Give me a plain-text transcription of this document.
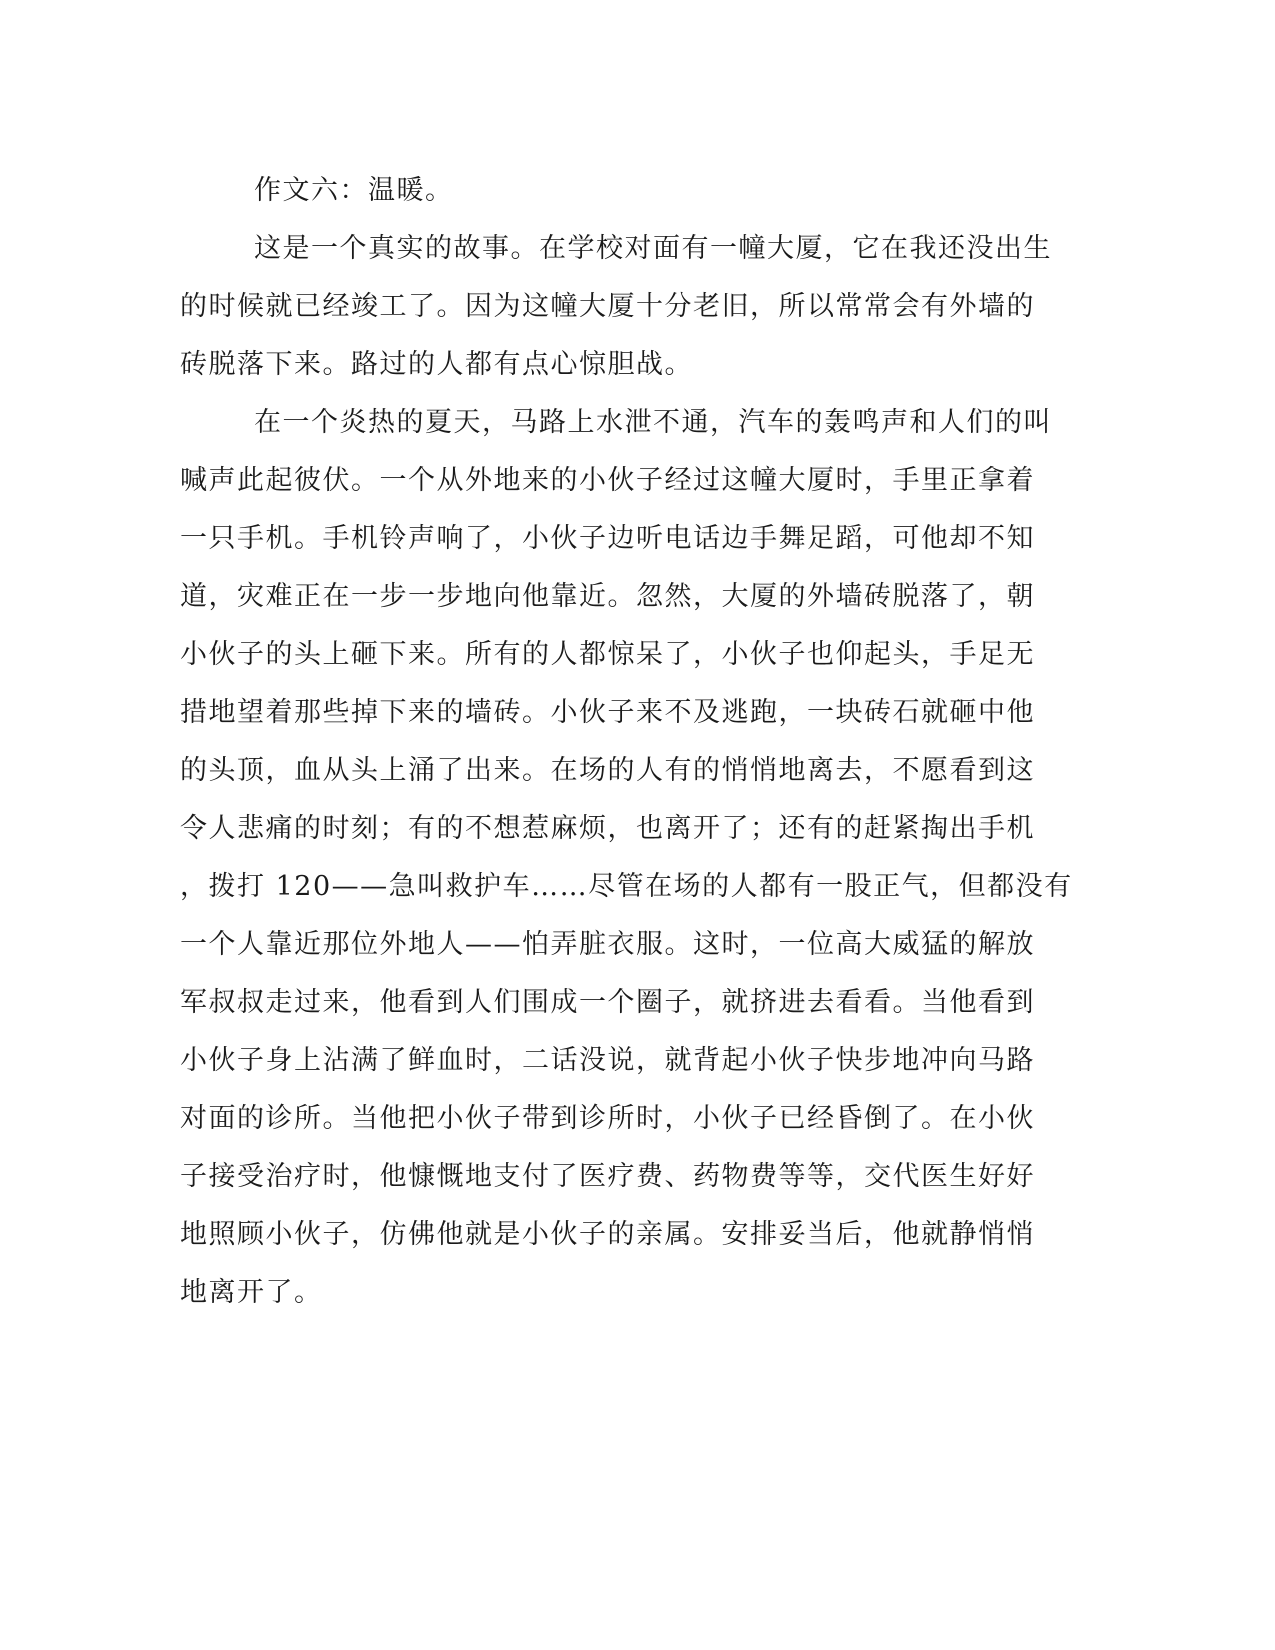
作文六：温暖。
这是一个真实的故事。在学校对面有一幢大厦，它在我还没出生
的时候就已经竣工了。因为这幢大厦十分老旧，所以常常会有外墙的
砖脱落下来。路过的人都有点心惊胆战。
在一个炎热的夏天，马路上水泄不通，汽车的轰鸣声和人们的叫
喊声此起彼伏。一个从外地来的小伙子经过这幢大厦时，手里正拿着
一只手机。手机铃声响了，小伙子边听电话边手舞足蹈，可他却不知
道，灾难正在一步一步地向他靠近。忽然，大厦的外墙砖脱落了，朝
小伙子的头上砸下来。所有的人都惊呆了，小伙子也仰起头，手足无
措地望着那些掉下来的墙砖。小伙子来不及逃跑，一块砖石就砸中他
的头顶，血从头上涌了出来。在场的人有的悄悄地离去，不愿看到这
令人悲痛的时刻；有的不想惹麻烦，也离开了；还有的赶紧掏出手机
，拨打 120——急叫救护车……尽管在场的人都有一股正气，但都没有
一个人靠近那位外地人——怕弄脏衣服。这时，一位高大威猛的解放
军叔叔走过来，他看到人们围成一个圈子，就挤进去看看。当他看到
小伙子身上沾满了鲜血时，二话没说，就背起小伙子快步地冲向马路
对面的诊所。当他把小伙子带到诊所时，小伙子已经昏倒了。在小伙
子接受治疗时，他慷慨地支付了医疗费、药物费等等，交代医生好好
地照顾小伙子，仿佛他就是小伙子的亲属。安排妥当后，他就静悄悄
地离开了。
